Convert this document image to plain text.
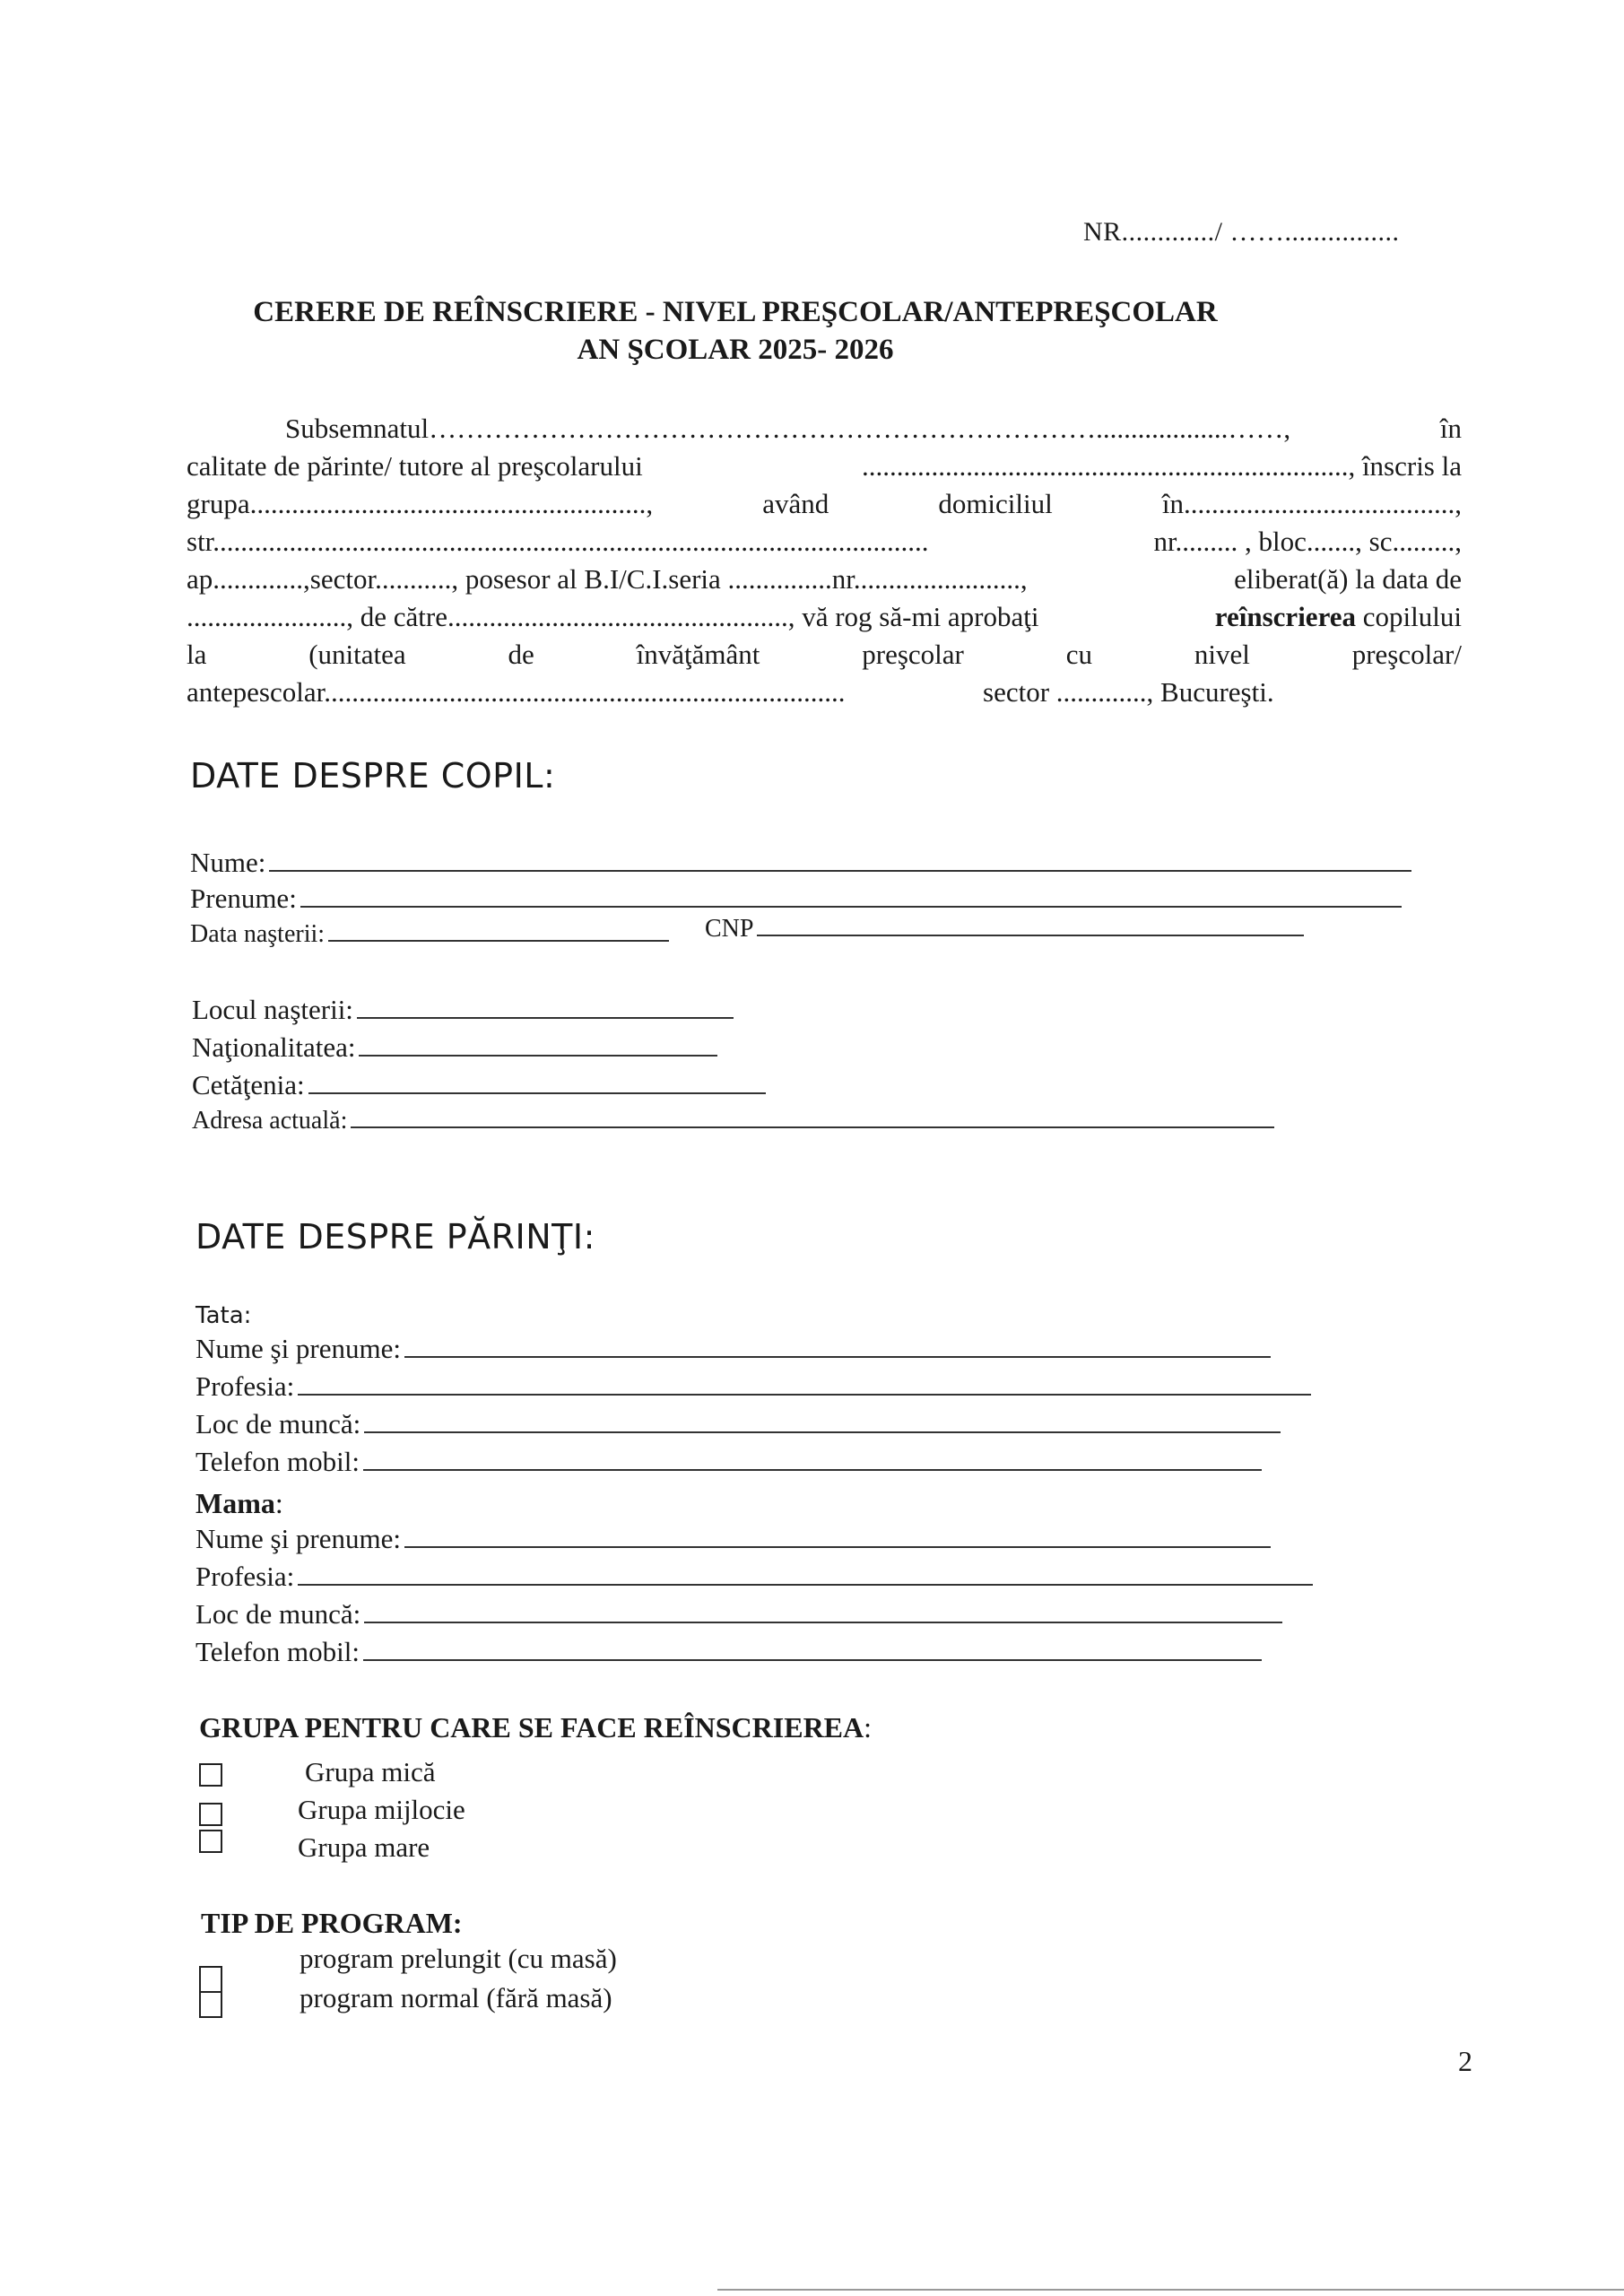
NR............./ ……................
CERERE DE REÎNSCRIERE - NIVEL PREŞCOLAR/ANTEPREŞCOLAR
AN ŞCOLAR 2025- 2026
Subsemnatul………………………………………………………………...................……,	în
calitate de părinte/ tutore al preşcolarului	......................................................................, înscris la
grupa.........................................................,	având	domiciliul	în.......................................,
str.......................................................................................................	nr......... , bloc......., sc.........,
ap.............,sector..........., posesor al B.I/C.I.seria ...............nr........................,	eliberat(ă) la data de
......................., de către................................................., vă rog să-mi aprobaţi	reînscrierea copilului
la	(unitatea	de	învăţământ	preşcolar	cu	nivel	preşcolar/
antepescolar...........................................................................	sector ............., Bucureşti.
DATE DESPRE COPIL:
Nume:
Prenume:
Data naşterii:	CNP
Locul naşterii:
Naţionalitatea:
Cetăţenia:
Adresa actuală:
DATE DESPRE PĂRINŢI:
Tata:
Nume şi prenume:
Profesia:
Loc de muncă:
Telefon mobil:
Mama:
Nume şi prenume:
Profesia:
Loc de muncă:
Telefon mobil:
GRUPA PENTRU CARE SE FACE REÎNSCRIEREA:
Grupa mică
Grupa mijlocie
Grupa mare
TIP DE PROGRAM:
program prelungit (cu masă)
program normal (fără masă)
2
